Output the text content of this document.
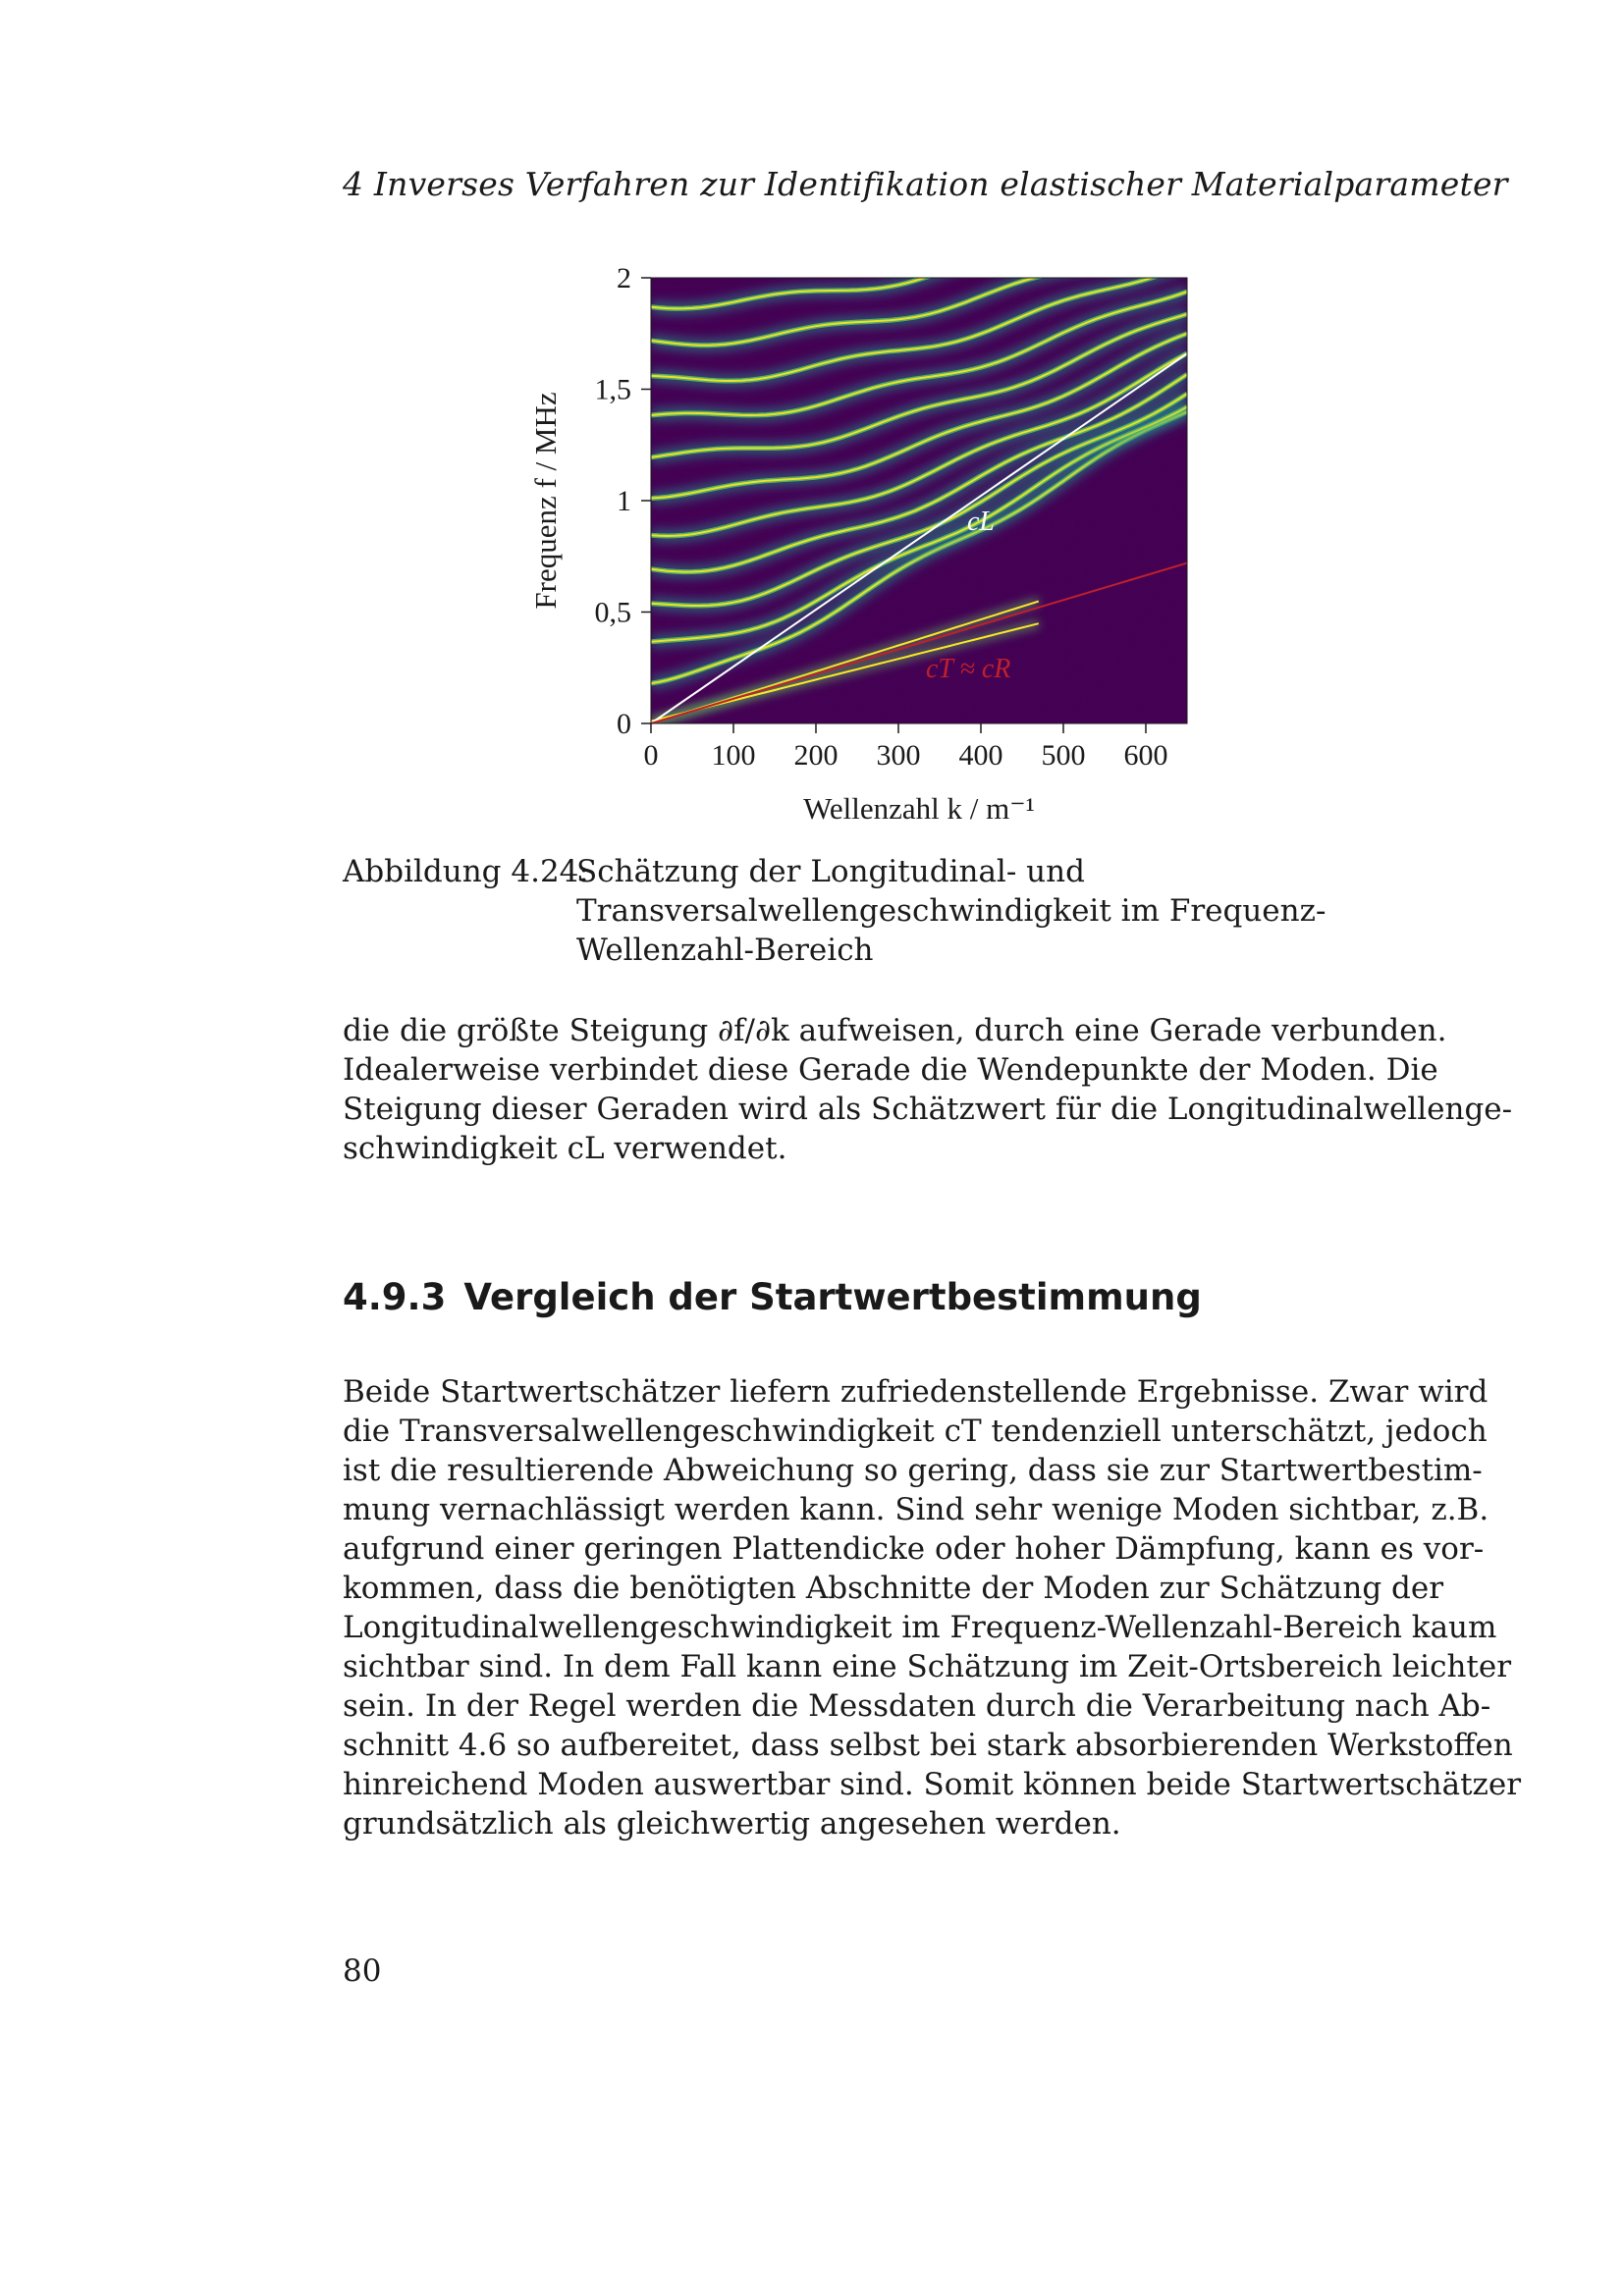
4 Inverses Verfahren zur Identifikation elastischer Materialparameter
0 100 200 300 400 500 600
0
0,5
1
1,5
2
Wellenzahl k / m⁻¹
Frequenz f / MHz	cL
cT ≈ cR
Abbildung 4.24:
Schätzung der Longitudinal- und Transversalwellengeschwindigkeit im Frequenz-Wellenzahl-Bereich
die die größte Steigung ∂f/∂k aufweisen, durch eine Gerade verbunden.
Idealerweise verbindet diese Gerade die Wendepunkte der Moden. Die
Steigung dieser Geraden wird als Schätzwert für die Longitudinalwellenge-
schwindigkeit cL verwendet.
4.9.3 Vergleich der Startwertbestimmung
Beide Startwertschätzer liefern zufriedenstellende Ergebnisse. Zwar wird
die Transversalwellengeschwindigkeit cT tendenziell unterschätzt, jedoch
ist die resultierende Abweichung so gering, dass sie zur Startwertbestim-
mung vernachlässigt werden kann. Sind sehr wenige Moden sichtbar, z.B.
aufgrund einer geringen Plattendicke oder hoher Dämpfung, kann es vor-
kommen, dass die benötigten Abschnitte der Moden zur Schätzung der
Longitudinalwellengeschwindigkeit im Frequenz-Wellenzahl-Bereich kaum
sichtbar sind. In dem Fall kann eine Schätzung im Zeit-Ortsbereich leichter
sein. In der Regel werden die Messdaten durch die Verarbeitung nach Ab-
schnitt 4.6 so aufbereitet, dass selbst bei stark absorbierenden Werkstoffen
hinreichend Moden auswertbar sind. Somit können beide Startwertschätzer
grundsätzlich als gleichwertig angesehen werden.
80
